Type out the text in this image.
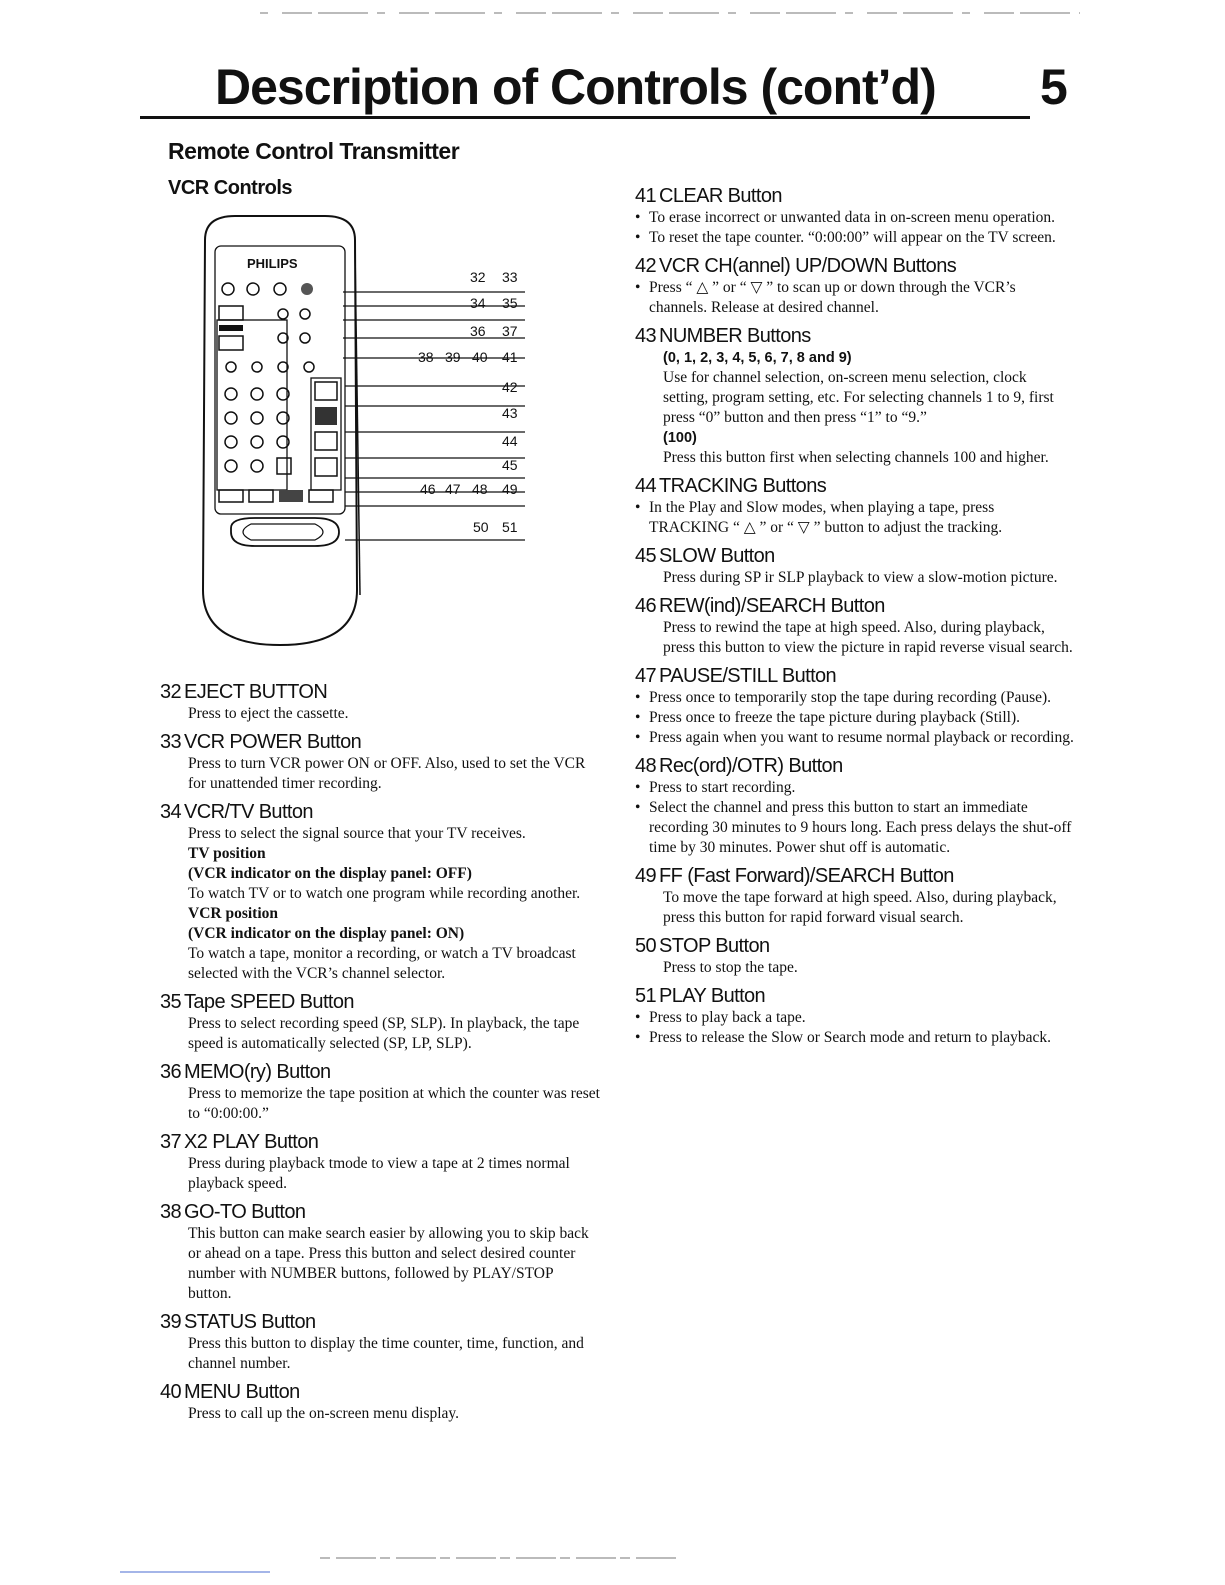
Description of Controls (cont’d) 5
Remote Control Transmitter
VCR Controls
PHILIPS
32 33
34 35
36 37
38 39 40 41
42
43
44
45
46 47 48 49
50 51
32 EJECT BUTTON
Press to eject the cassette.
33 VCR POWER Button
Press to turn VCR power ON or OFF. Also, used to set the VCR for unattended timer recording.
34 VCR/TV Button
Press to select the signal source that your TV receives.
TV position
(VCR indicator on the display panel: OFF)
To watch TV or to watch one program while recording another.
VCR position
(VCR indicator on the display panel: ON)
To watch a tape, monitor a recording, or watch a TV broadcast selected with the VCR’s channel selector.
35 Tape SPEED Button
Press to select recording speed (SP, SLP). In playback, the tape speed is automatically selected (SP, LP, SLP).
36 MEMO(ry) Button
Press to memorize the tape position at which the counter was reset to “0:00:00.”
37 X2 PLAY Button
Press during playback tmode to view a tape at 2 times normal playback speed.
38 GO-TO Button
This button can make search easier by allowing you to skip back or ahead on a tape. Press this button and select desired counter number with NUMBER buttons, followed by PLAY/STOP button.
39 STATUS Button
Press this button to display the time counter, time, function, and channel number.
40 MENU Button
Press to call up the on-screen menu display.
41 CLEAR Button
• To erase incorrect or unwanted data in on-screen menu operation.
• To reset the tape counter. “0:00:00” will appear on the TV screen.
42 VCR CH(annel) UP/DOWN Buttons
• Press “ △ ” or “ ▽ ” to scan up or down through the VCR’s channels. Release at desired channel.
43 NUMBER Buttons
(0, 1, 2, 3, 4, 5, 6, 7, 8 and 9)
Use for channel selection, on-screen menu selection, clock setting, program setting, etc. For selecting channels 1 to 9, first press “0” button and then press “1” to “9.”
(100)
Press this button first when selecting channels 100 and higher.
44 TRACKING Buttons
• In the Play and Slow modes, when playing a tape, press TRACKING “ △ ” or “ ▽ ” button to adjust the tracking.
45 SLOW Button
Press during SP ir SLP playback to view a slow-motion picture.
46 REW(ind)/SEARCH Button
Press to rewind the tape at high speed. Also, during playback, press this button to view the picture in rapid reverse visual search.
47 PAUSE/STILL Button
• Press once to temporarily stop the tape during recording (Pause).
• Press once to freeze the tape picture during playback (Still).
• Press again when you want to resume normal playback or recording.
48 Rec(ord)/OTR) Button
• Press to start recording.
• Select the channel and press this button to start an immediate recording 30 minutes to 9 hours long. Each press delays the shut-off time by 30 minutes. Power shut off is automatic.
49 FF (Fast Forward)/SEARCH Button
To move the tape forward at high speed. Also, during playback, press this button for rapid forward visual search.
50 STOP Button
Press to stop the tape.
51 PLAY Button
• Press to play back a tape.
• Press to release the Slow or Search mode and return to playback.
